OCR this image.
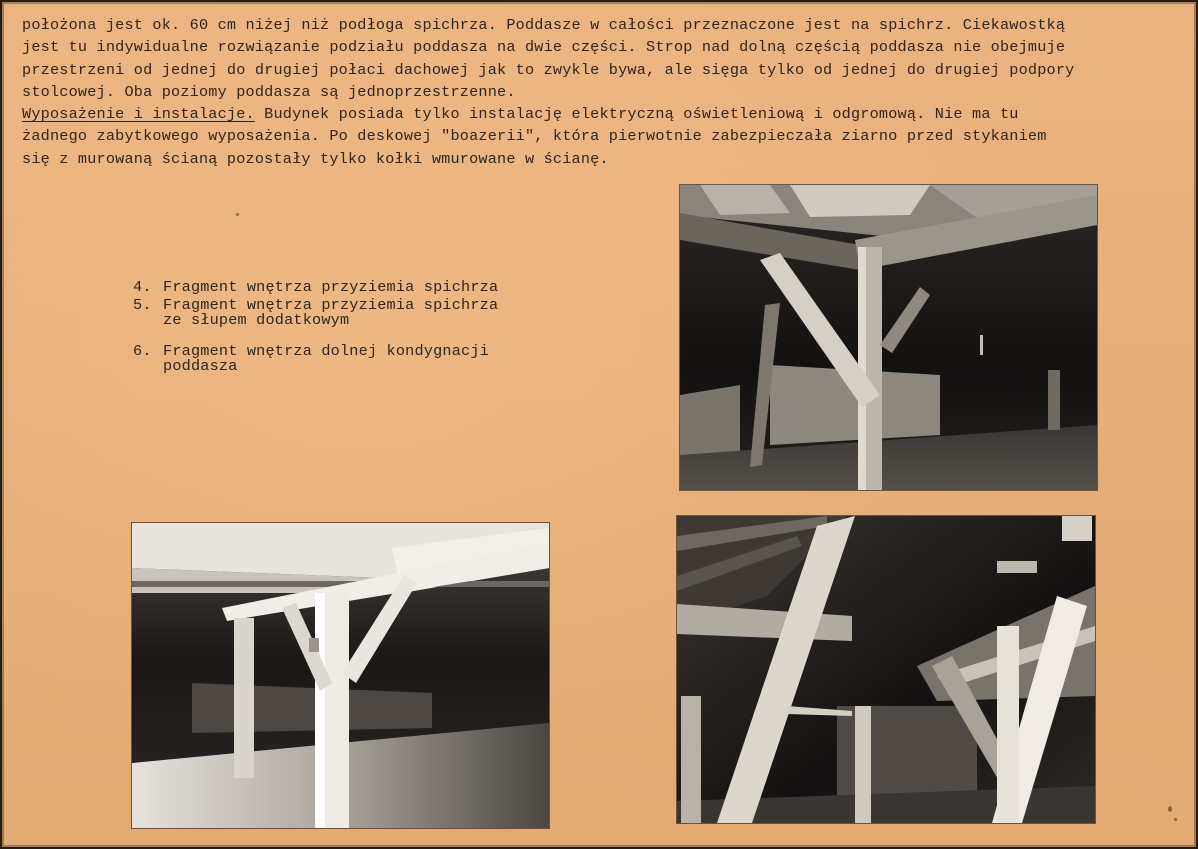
położona jest ok. 60 cm niżej niż podłoga spichrza. Poddasze w całości przeznaczone jest na spichrz. Ciekawostką

jest tu indywidualne rozwiązanie podziału poddasza na dwie części. Strop nad dolną częścią poddasza nie obejmuje

przestrzeni od jednej do drugiej połaci dachowej jak to zwykle bywa, ale sięga tylko od jednej do drugiej podpory

stolcowej. Oba poziomy poddasza są jednoprzestrzenne.

Wyposażenie i instalacje. Budynek posiada tylko instalację elektryczną oświetleniową i odgromową. Nie ma tu

żadnego zabytkowego wyposażenia. Po deskowej "boazerii", która pierwotnie zabezpieczała ziarno przed stykaniem

się z murowaną ścianą pozostały tylko kołki wmurowane w ścianę.

4. Fragment wnętrza przyziemia spichrza
5. Fragment wnętrza przyziemia spichrza
ze słupem dodatkowym
6. Fragment wnętrza dolnej kondygnacji
poddasza
